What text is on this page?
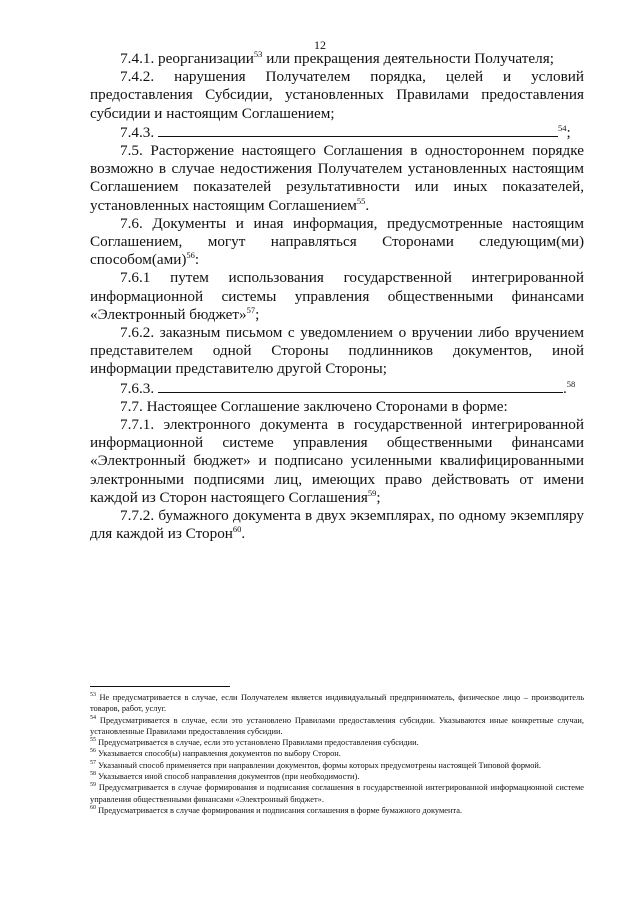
12

7.4.1. реорганизации$^{53}$ или прекращения деятельности Получателя;

7.4.2. нарушения Получателем порядка, целей и условий предоставления Субсидии, установленных Правилами предоставления субсидии и настоящим Соглашением;

7.4.3.	$^{54}$;

7.5. Расторжение настоящего Соглашения в одностороннем порядке возможно в случае недостижения Получателем установленных настоящим Соглашением показателей результативности или иных показателей, установленных настоящим Соглашением$^{55}$.

7.6. Документы и иная информация, предусмотренные настоящим Соглашением, могут направляться Сторонами следующим(ми) способом(ами)$^{56}$:

7.6.1 путем использования государственной интегрированной информационной системы управления общественными финансами «Электронный бюджет»$^{57}$;

7.6.2. заказным письмом с уведомлением о вручении либо вручением представителем одной Стороны подлинников документов, иной информации представителю другой Стороны;

7.6.3.	.$^{58}$

7.7. Настоящее Соглашение заключено Сторонами в форме:

7.7.1. электронного документа в государственной интегрированной информационной системе управления общественными финансами «Электронный бюджет» и подписано усиленными квалифицированными электронными подписями лиц, имеющих право действовать от имени каждой из Сторон настоящего Соглашения$^{59}$;

7.7.2. бумажного документа в двух экземплярах, по одному экземпляру для каждой из Сторон$^{60}$.

$^{53}$ Не предусматривается в случае, если Получателем является индивидуальный предприниматель, физическое лицо – производитель товаров, работ, услуг.

$^{54}$ Предусматривается в случае, если это установлено Правилами предоставления субсидии. Указываются иные конкретные случаи, установленные Правилами предоставления субсидии.

$^{55}$ Предусматривается в случае, если это установлено Правилами предоставления субсидии.

$^{56}$ Указывается способ(ы) направления документов по выбору Сторон.

$^{57}$ Указанный способ применяется при направлении документов, формы которых предусмотрены настоящей Типовой формой.

$^{58}$ Указывается иной способ направления документов (при необходимости).

$^{59}$ Предусматривается в случае формирования и подписания соглашения в государственной интегрированной информационной системе управления общественными финансами «Электронный бюджет».

$^{60}$ Предусматривается в случае формирования и подписания соглашения в форме бумажного документа.
